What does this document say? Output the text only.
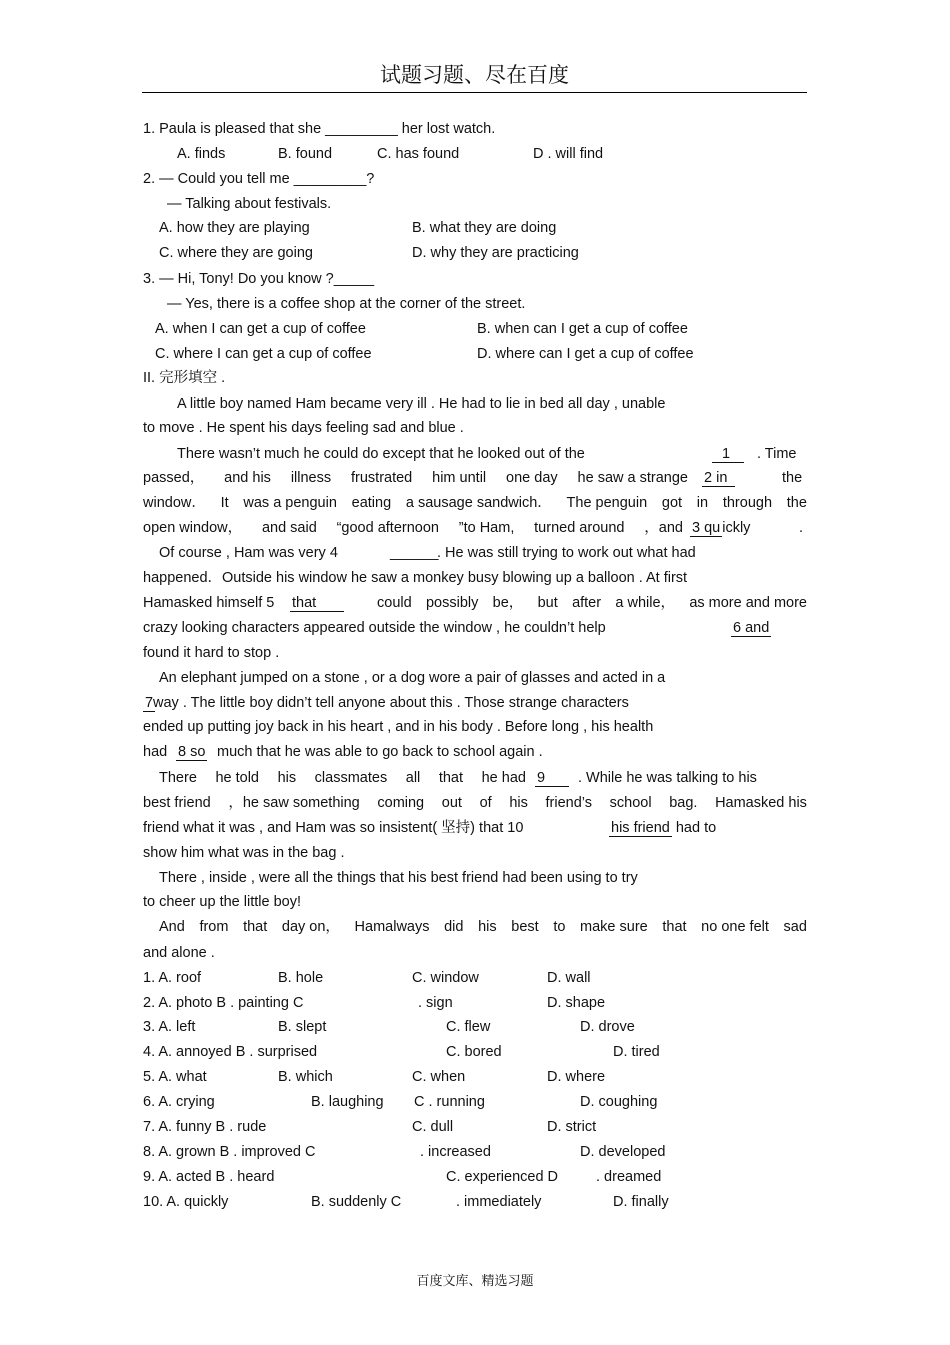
试题习题、尽在百度
1. Paula is pleased that she _________ her lost watch.
A. finds	B. found	C. has found	D . will find
2. — Could you tell me _________?
— Talking about festivals.
A. how they are playing	B. what they are doing
C. where they are going	D. why they are practicing
3. — Hi, Tony! Do you know ?_____
— Yes, there is a coffee shop at the corner of the street.
A. when I can get a cup of coffee	B. when can I get a cup of coffee
C. where I can get a cup of coffee	D. where can I get a cup of coffee
II. 完形填空 .
A little boy named Ham became very ill . He had to lie in bed all day , unable
to move . He spent his days feeling sad and blue .
There wasn’t much he could do except that he looked out of the	1	. Time
passed， and his illness frustrated him until one day he saw a strange 2 in	the
window． It was a penguin eating a sausage sandwich． The penguin got in through the
open window， and said “good afternoon ”to Ham, turned around ，and 3 qu ickly	.
Of course , Ham was very 4	______
. He was still trying to work out what had
happened．Outside his window he saw a monkey busy blowing up a balloon . At first
Hamasked himself 5 that	could possibly be， but after a while， as more and more
crazy looking characters appeared outside the window , he couldn’t help	6 and
found it hard to stop .
An elephant jumped on a stone , or a dog wore a pair of glasses and acted in a
7 way . The little boy didn’t tell anyone about this . Those strange characters
ended up putting joy back in his heart , and in his body . Before long , his health
had 8 so much that he was able to go back to school again .
There he told his classmates all that he had 9	. While he was talking to his
best friend ，he saw something coming out of his friend’s school bag. Hamasked his
friend what it was , and Ham was so insistent( 坚持) that 10	his friend had to
show him what was in the bag .
There , inside , were all the things that his best friend had been using to try
to cheer up the little boy!
And from that day on， Hamalways did his best to make sure that no one felt sad
and alone .
1. A. roof	B. hole	C. window	D. wall
2. A. photo B . painting C	. sign	D. shape
3. A. left	B. slept	C. flew	D. drove
4. A. annoyed B . surprised	C. bored	D. tired
5. A. what	B. which	C. when	D. where
6. A. crying	B. laughing C . running	D. coughing
7. A. funny B . rude	C. dull	D. strict
8. A. grown B . improved C	. increased	D. developed
9. A. acted B . heard	C. experienced D	. dreamed
10. A. quickly	B. suddenly C	. immediately	D. finally
百度文库、精选习题
